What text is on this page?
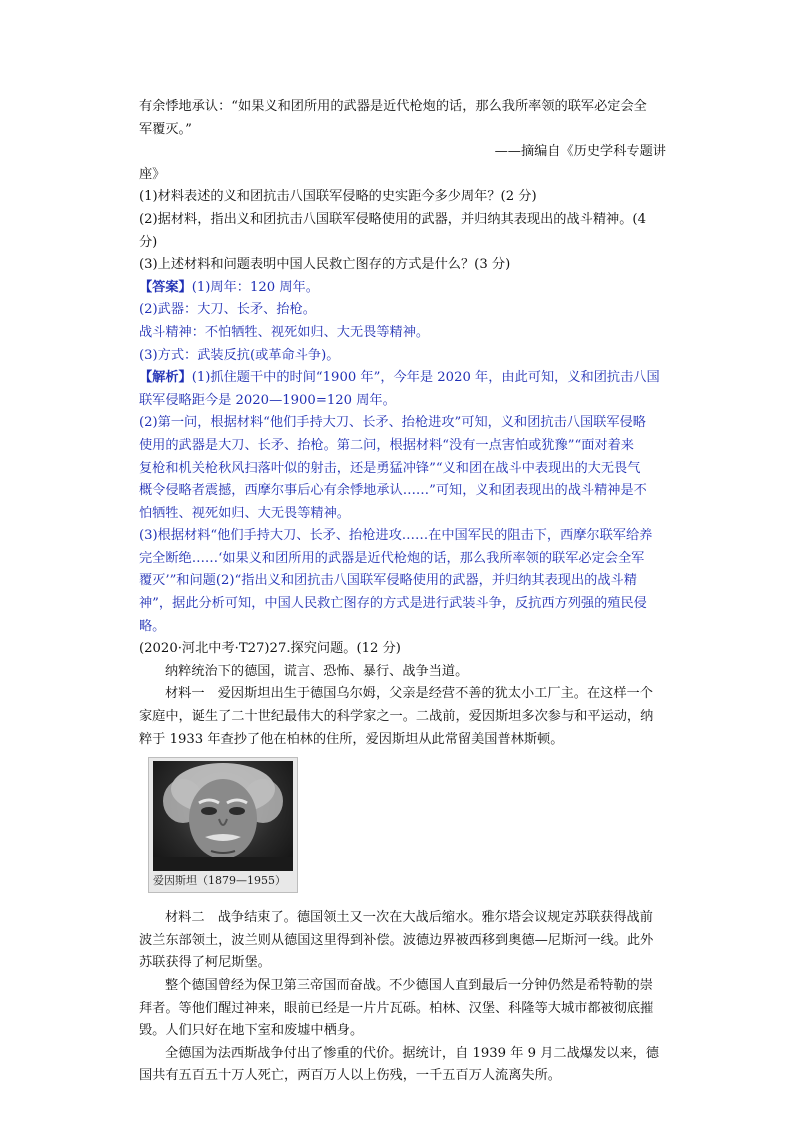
有余悸地承认：“如果义和团所用的武器是近代枪炮的话，那么我所率领的联军必定会全
军覆灭。”
——摘编自《历史学科专题讲
座》
(1)材料表述的义和团抗击八国联军侵略的史实距今多少周年？(2 分)
(2)据材料，指出义和团抗击八国联军侵略使用的武器，并归纳其表现出的战斗精神。(4
分)
(3)上述材料和问题表明中国人民救亡图存的方式是什么？(3 分)
【答案】(1)周年：120 周年。
(2)武器：大刀、长矛、抬枪。
战斗精神：不怕牺牲、视死如归、大无畏等精神。
(3)方式：武装反抗(或革命斗争)。
【解析】(1)抓住题干中的时间“1900 年”，今年是 2020 年，由此可知，义和团抗击八国
联军侵略距今是 2020—1900=120 周年。
(2)第一问，根据材料“他们手持大刀、长矛、抬枪进攻”可知，义和团抗击八国联军侵略
使用的武器是大刀、长矛、抬枪。第二问，根据材料“没有一点害怕或犹豫”“面对着来
复枪和机关枪秋风扫落叶似的射击，还是勇猛冲锋”“义和团在战斗中表现出的大无畏气
概令侵略者震撼，西摩尔事后心有余悸地承认……”可知，义和团表现出的战斗精神是不
怕牺牲、视死如归、大无畏等精神。
(3)根据材料“他们手持大刀、长矛、抬枪进攻……在中国军民的阻击下，西摩尔联军给养
完全断绝……‘如果义和团所用的武器是近代枪炮的话，那么我所率领的联军必定会全军
覆灭’”和问题(2)“指出义和团抗击八国联军侵略使用的武器，并归纳其表现出的战斗精
神”，据此分析可知，中国人民救亡图存的方式是进行武装斗争，反抗西方列强的殖民侵
略。
(2020·河北中考·T27)27.探究问题。(12 分)
纳粹统治下的德国，谎言、恐怖、暴行、战争当道。
材料一　爱因斯坦出生于德国乌尔姆，父亲是经营不善的犹太小工厂主。在这样一个
家庭中，诞生了二十世纪最伟大的科学家之一。二战前，爱因斯坦多次参与和平运动，纳
粹于 1933 年查抄了他在柏林的住所，爱因斯坦从此常留美国普林斯顿。
爱因斯坦（1879—1955）
材料二　战争结束了。德国领土又一次在大战后缩水。雅尔塔会议规定苏联获得战前
波兰东部领土，波兰则从德国这里得到补偿。波德边界被西移到奥德—尼斯河一线。此外
苏联获得了柯尼斯堡。
整个德国曾经为保卫第三帝国而奋战。不少德国人直到最后一分钟仍然是希特勒的崇
拜者。等他们醒过神来，眼前已经是一片片瓦砾。柏林、汉堡、科隆等大城市都被彻底摧
毁。人们只好在地下室和废墟中栖身。
全德国为法西斯战争付出了惨重的代价。据统计，自 1939 年 9 月二战爆发以来，德
国共有五百五十万人死亡，两百万人以上伤残，一千五百万人流离失所。
